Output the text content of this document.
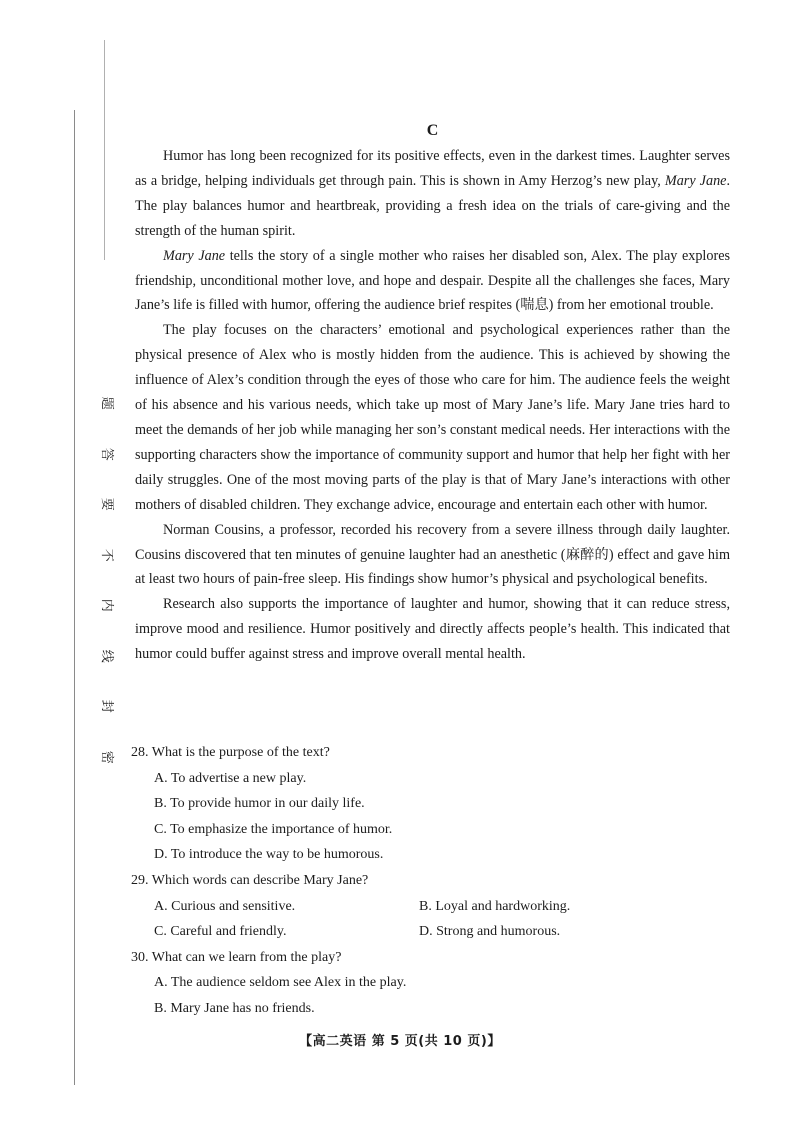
题
答
要
不
内
线
封
密
C

Humor has long been recognized for its positive effects, even in the darkest times. Laughter serves as a bridge, helping individuals get through pain. This is shown in Amy Herzog’s new play, Mary Jane. The play balances humor and heartbreak, providing a fresh idea on the trials of care-giving and the strength of the human spirit.

Mary Jane tells the story of a single mother who raises her disabled son, Alex. The play explores friendship, unconditional mother love, and hope and despair. Despite all the challenges she faces, Mary Jane’s life is filled with humor, offering the audience brief respites (喘息) from her emotional trouble.

The play focuses on the characters’ emotional and psychological experiences rather than the physical presence of Alex who is mostly hidden from the audience. This is achieved by showing the influence of Alex’s condition through the eyes of those who care for him. The audience feels the weight of his absence and his various needs, which take up most of Mary Jane’s life. Mary Jane tries hard to meet the demands of her job while managing her son’s constant medical needs. Her interactions with the supporting characters show the importance of community support and humor that help her fight with her daily struggles. One of the most moving parts of the play is that of Mary Jane’s interactions with other mothers of disabled children. They exchange advice, encourage and entertain each other with humor.

Norman Cousins, a professor, recorded his recovery from a severe illness through daily laughter. Cousins discovered that ten minutes of genuine laughter had an anesthetic (麻醉的) effect and gave him at least two hours of pain-free sleep. His findings show humor’s physical and psychological benefits.

Research also supports the importance of laughter and humor, showing that it can reduce stress, improve mood and resilience. Humor positively and directly affects people’s health. This indicated that humor could buffer against stress and improve overall mental health.

28. What is the purpose of the text?

A. To advertise a new play.

B. To provide humor in our daily life.

C. To emphasize the importance of humor.

D. To introduce the way to be humorous.

29. Which words can describe Mary Jane?

A. Curious and sensitive.	B. Loyal and hardworking.

C. Careful and friendly.	D. Strong and humorous.

30. What can we learn from the play?

A. The audience seldom see Alex in the play.

B. Mary Jane has no friends.

【高二英语 第 5 页(共 10 页)】
